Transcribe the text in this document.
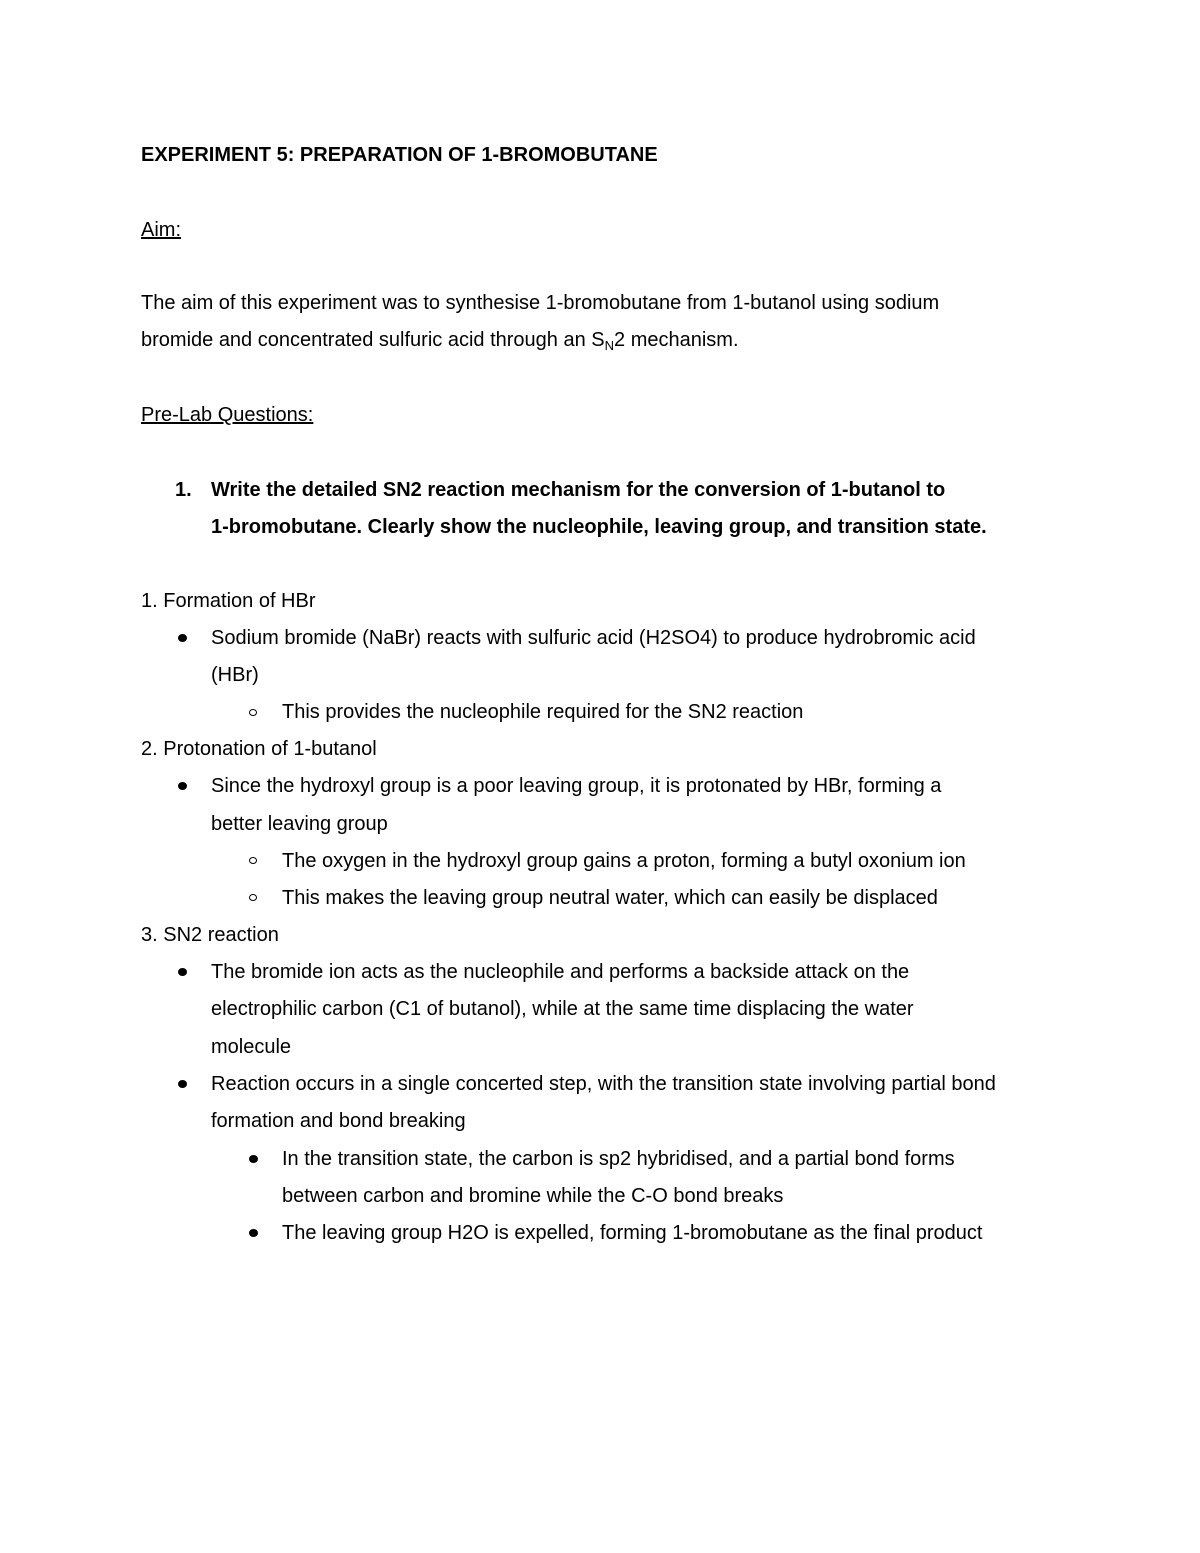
EXPERIMENT 5: PREPARATION OF 1-BROMOBUTANE
Aim:
The aim of this experiment was to synthesise 1-bromobutane from 1-butanol using sodium
bromide and concentrated sulfuric acid through an $S_N2$ mechanism.
Pre-Lab Questions:
1. Write the detailed SN2 reaction mechanism for the conversion of 1-butanol to
1-bromobutane. Clearly show the nucleophile, leaving group, and transition state.
1. Formation of HBr
Sodium bromide (NaBr) reacts with sulfuric acid (H2SO4) to produce hydrobromic acid
(HBr)
This provides the nucleophile required for the SN2 reaction
2. Protonation of 1-butanol
Since the hydroxyl group is a poor leaving group, it is protonated by HBr, forming a
better leaving group
The oxygen in the hydroxyl group gains a proton, forming a butyl oxonium ion
This makes the leaving group neutral water, which can easily be displaced
3. SN2 reaction
The bromide ion acts as the nucleophile and performs a backside attack on the
electrophilic carbon (C1 of butanol), while at the same time displacing the water
molecule
Reaction occurs in a single concerted step, with the transition state involving partial bond
formation and bond breaking
In the transition state, the carbon is sp2 hybridised, and a partial bond forms
between carbon and bromine while the C-O bond breaks
The leaving group H2O is expelled, forming 1-bromobutane as the final product
